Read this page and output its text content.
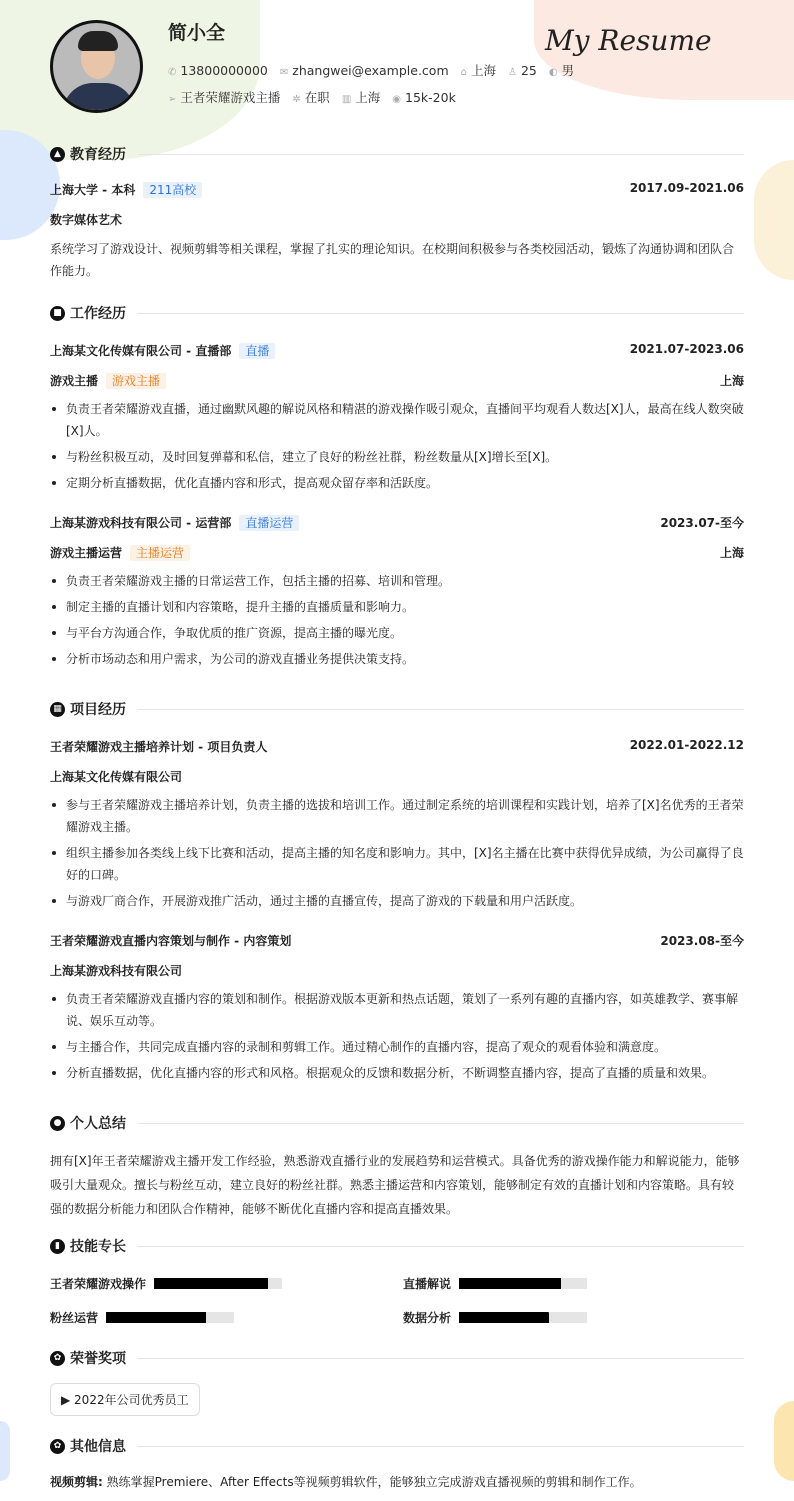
简小全	My Resume
✆ 13800000000 ✉ zhangwei@example.com ⌂ 上海 ♙ 25 ◐ 男
➢ 王者荣耀游戏主播 ✲ 在职 ▥ 上海 ◉ 15k-20k
▲ 教育经历
上海大学 - 本科 211高校	2017.09-2021.06
数字媒体艺术
系统学习了游戏设计、视频剪辑等相关课程，掌握了扎实的理论知识。在校期间积极参与各类校园活动，锻炼了沟通协调和团队合作能力。
■ 工作经历
上海某文化传媒有限公司 - 直播部 直播	2021.07-2023.06
游戏主播 游戏主播	上海
负责王者荣耀游戏直播，通过幽默风趣的解说风格和精湛的游戏操作吸引观众，直播间平均观看人数达[X]人，最高在线人数突破[X]人。
与粉丝积极互动，及时回复弹幕和私信，建立了良好的粉丝社群，粉丝数量从[X]增长至[X]。
定期分析直播数据，优化直播内容和形式，提高观众留存率和活跃度。
上海某游戏科技有限公司 - 运营部 直播运营	2023.07-至今
游戏主播运营 主播运营	上海
负责王者荣耀游戏主播的日常运营工作，包括主播的招募、培训和管理。
制定主播的直播计划和内容策略，提升主播的直播质量和影响力。
与平台方沟通合作，争取优质的推广资源，提高主播的曝光度。
分析市场动态和用户需求，为公司的游戏直播业务提供决策支持。
▦ 项目经历
王者荣耀游戏主播培养计划 - 项目负责人	2022.01-2022.12
上海某文化传媒有限公司
参与王者荣耀游戏主播培养计划，负责主播的选拔和培训工作。通过制定系统的培训课程和实践计划，培养了[X]名优秀的王者荣耀游戏主播。
组织主播参加各类线上线下比赛和活动，提高主播的知名度和影响力。其中，[X]名主播在比赛中获得优异成绩，为公司赢得了良好的口碑。
与游戏厂商合作，开展游戏推广活动，通过主播的直播宣传，提高了游戏的下载量和用户活跃度。
王者荣耀游戏直播内容策划与制作 - 内容策划	2023.08-至今
上海某游戏科技有限公司
负责王者荣耀游戏直播内容的策划和制作。根据游戏版本更新和热点话题，策划了一系列有趣的直播内容，如英雄教学、赛事解说、娱乐互动等。
与主播合作，共同完成直播内容的录制和剪辑工作。通过精心制作的直播内容，提高了观众的观看体验和满意度。
分析直播数据，优化直播内容的形式和风格。根据观众的反馈和数据分析，不断调整直播内容，提高了直播的质量和效果。
● 个人总结
拥有[X]年王者荣耀游戏主播开发工作经验，熟悉游戏直播行业的发展趋势和运营模式。具备优秀的游戏操作能力和解说能力，能够吸引大量观众。擅长与粉丝互动，建立良好的粉丝社群。熟悉主播运营和内容策划，能够制定有效的直播计划和内容策略。具有较强的数据分析能力和团队合作精神，能够不断优化直播内容和提高直播效果。
▮ 技能专长
王者荣耀游戏操作	直播解说
粉丝运营	数据分析
✿ 荣誉奖项
▶ 2022年公司优秀员工
✿ 其他信息
视频剪辑: 熟练掌握Premiere、After Effects等视频剪辑软件，能够独立完成游戏直播视频的剪辑和制作工作。
